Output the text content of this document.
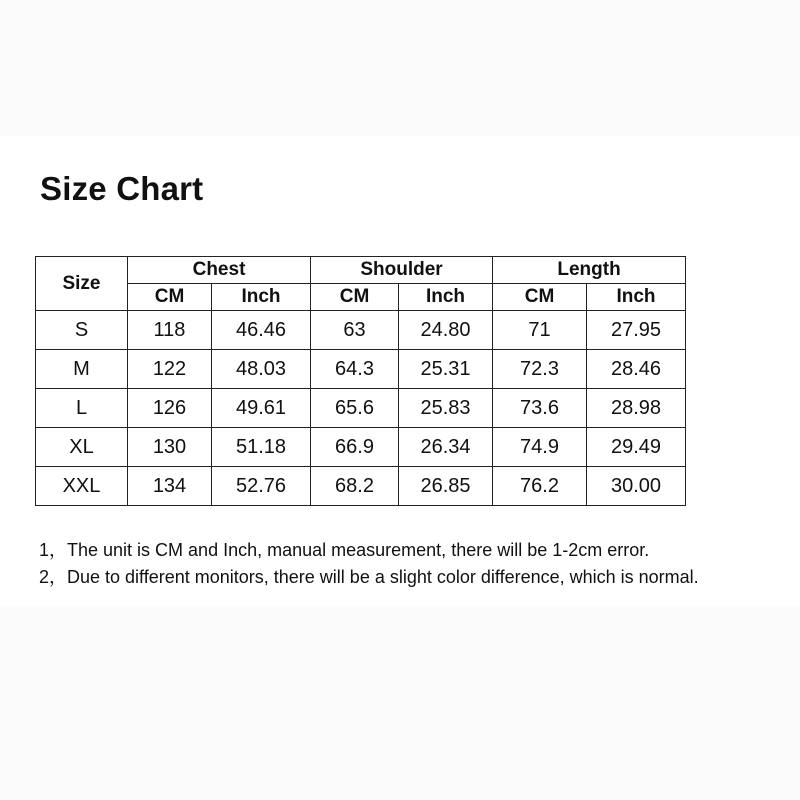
Size Chart
Size	Chest		Shoulder		Length	
	CM	Inch	CM	Inch	CM	Inch
S	118	46.46	63	24.80	71	27.95
M	122	48.03	64.3	25.31	72.3	28.46
L	126	49.61	65.6	25.83	73.6	28.98
XL	130	51.18	66.9	26.34	74.9	29.49
XXL	134	52.76	68.2	26.85	76.2	30.00
1，The unit is CM and Inch, manual measurement, there will be 1-2cm error.
2，Due to different monitors, there will be a slight color difference, which is normal.
